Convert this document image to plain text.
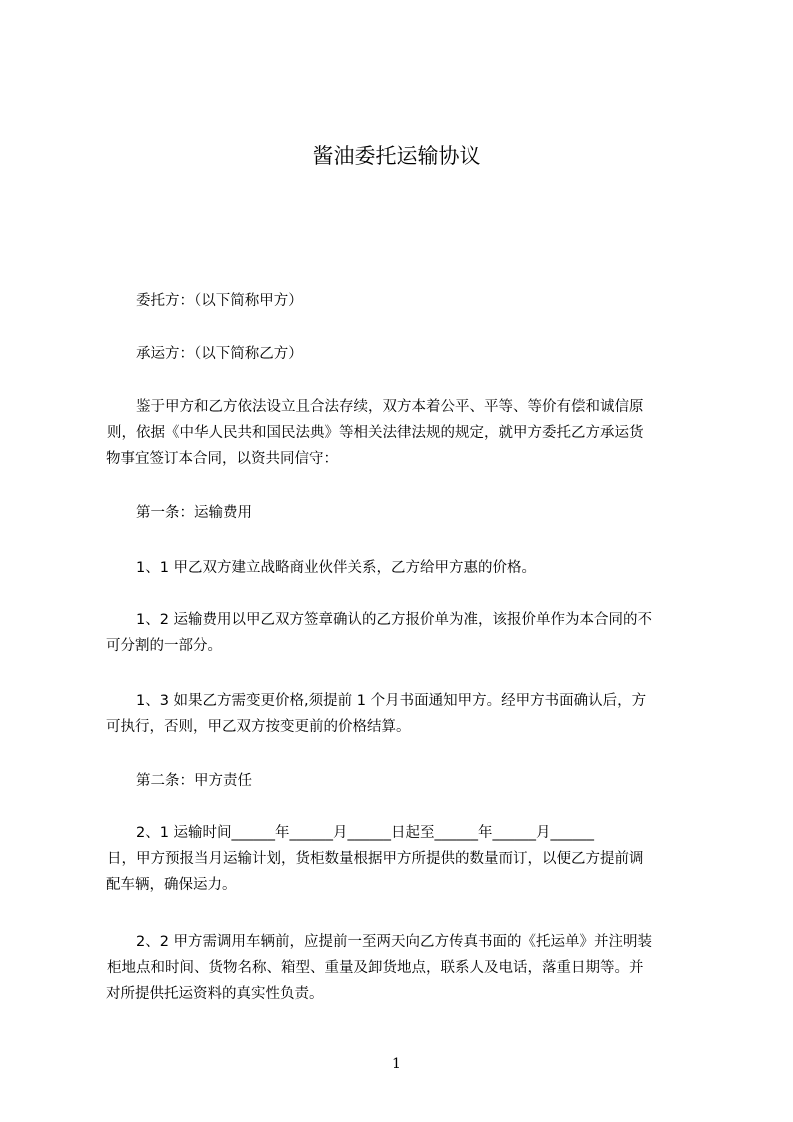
酱油委托运输协议
委托方：（以下简称甲方）
承运方：（以下简称乙方）
鉴于甲方和乙方依法设立且合法存续，双方本着公平、平等、等价有偿和诚信原
则，依据《中华人民共和国民法典》等相关法律法规的规定，就甲方委托乙方承运货
物事宜签订本合同，以资共同信守：
第一条：运输费用
1、1 甲乙双方建立战略商业伙伴关系，乙方给甲方惠的价格。
1、2 运输费用以甲乙双方签章确认的乙方报价单为准，该报价单作为本合同的不
可分割的一部分。
1、3 如果乙方需变更价格,须提前 1 个月书面通知甲方。经甲方书面确认后，方
可执行，否则，甲乙双方按变更前的价格结算。
第二条：甲方责任
2、1 运输时间______年______月______日起至______年______月______
日，甲方预报当月运输计划，货柜数量根据甲方所提供的数量而订，以便乙方提前调
配车辆，确保运力。
2、2 甲方需调用车辆前，应提前一至两天向乙方传真书面的《托运单》并注明装
柜地点和时间、货物名称、箱型、重量及卸货地点，联系人及电话，落重日期等。并
对所提供托运资料的真实性负责。
1
